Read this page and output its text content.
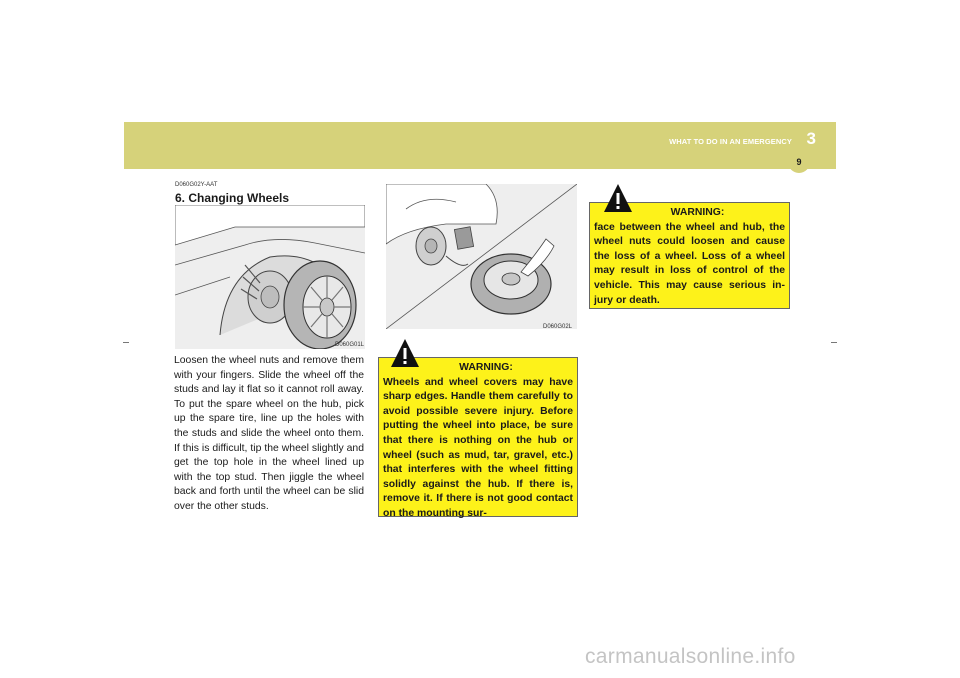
WHAT TO DO IN AN EMERGENCY 3
9
D060G02Y-AAT
6. Changing Wheels
D060G01L
Loosen the wheel nuts and remove them with your fingers. Slide the wheel off the studs and lay it flat so it cannot roll away. To put the spare wheel on the hub, pick up the spare tire, line up the holes with the studs and slide the wheel onto them. If this is difficult, tip the wheel slightly and get the top hole in the wheel lined up with the top stud. Then jiggle the wheel back and forth until the wheel can be slid over the other studs.
D060G02L
WARNING:
Wheels and wheel covers may have sharp edges. Handle them carefully to avoid possible severe injury. Before putting the wheel into place, be sure that there is nothing on the hub or wheel (such as mud, tar, gravel, etc.) that interferes with the wheel fitting solidly against the hub. If there is, remove it. If there is not good contact on the mounting sur-
WARNING:
face between the wheel and hub, the wheel nuts could loosen and cause the loss of a wheel. Loss of a wheel may result in loss of control of the vehicle. This may cause serious in-jury or death.
carmanualsonline.info
